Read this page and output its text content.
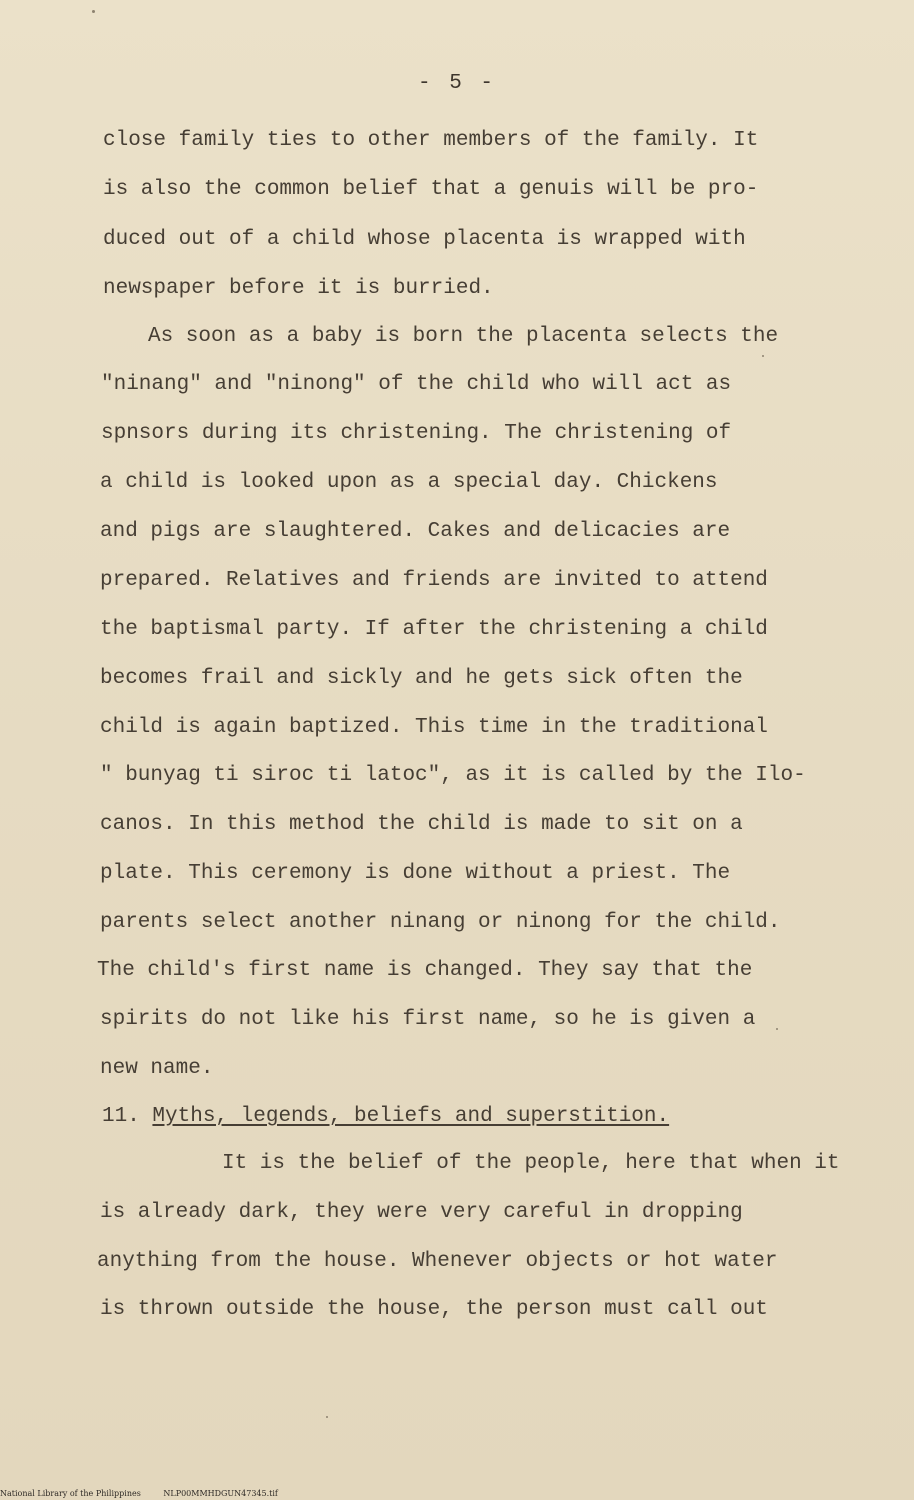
- 5 -
close family ties to other members of the family. It
is also the common belief that a genuis will be pro-
duced out of a child whose placenta is wrapped with
newspaper before it is burried.
As soon as a baby is born the placenta selects the
"ninang" and "ninong" of the child who will act as
spnsors during its christening. The christening of
a child is looked upon as a special day. Chickens
and pigs are slaughtered. Cakes and delicacies are
prepared. Relatives and friends are invited to attend
the baptismal party. If after the christening a child
becomes frail and sickly and he gets sick often the
child is again baptized. This time in the traditional
" bunyag ti siroc ti latoc", as it is called by the Ilo-
canos. In this method the child is made to sit on a
plate. This ceremony is done without a priest. The
parents select another ninang or ninong for the child.
The child's first name is changed. They say that the
spirits do not like his first name, so he is given a
new name.
11. Myths, legends, beliefs and superstition.
It is the belief of the people, here that when it
is already dark, they were very careful in dropping
anything from the house. Whenever objects or hot water
is thrown outside the house, the person must call out
National Library of the Philippines	NLP00MMHDGUN47345.tif
